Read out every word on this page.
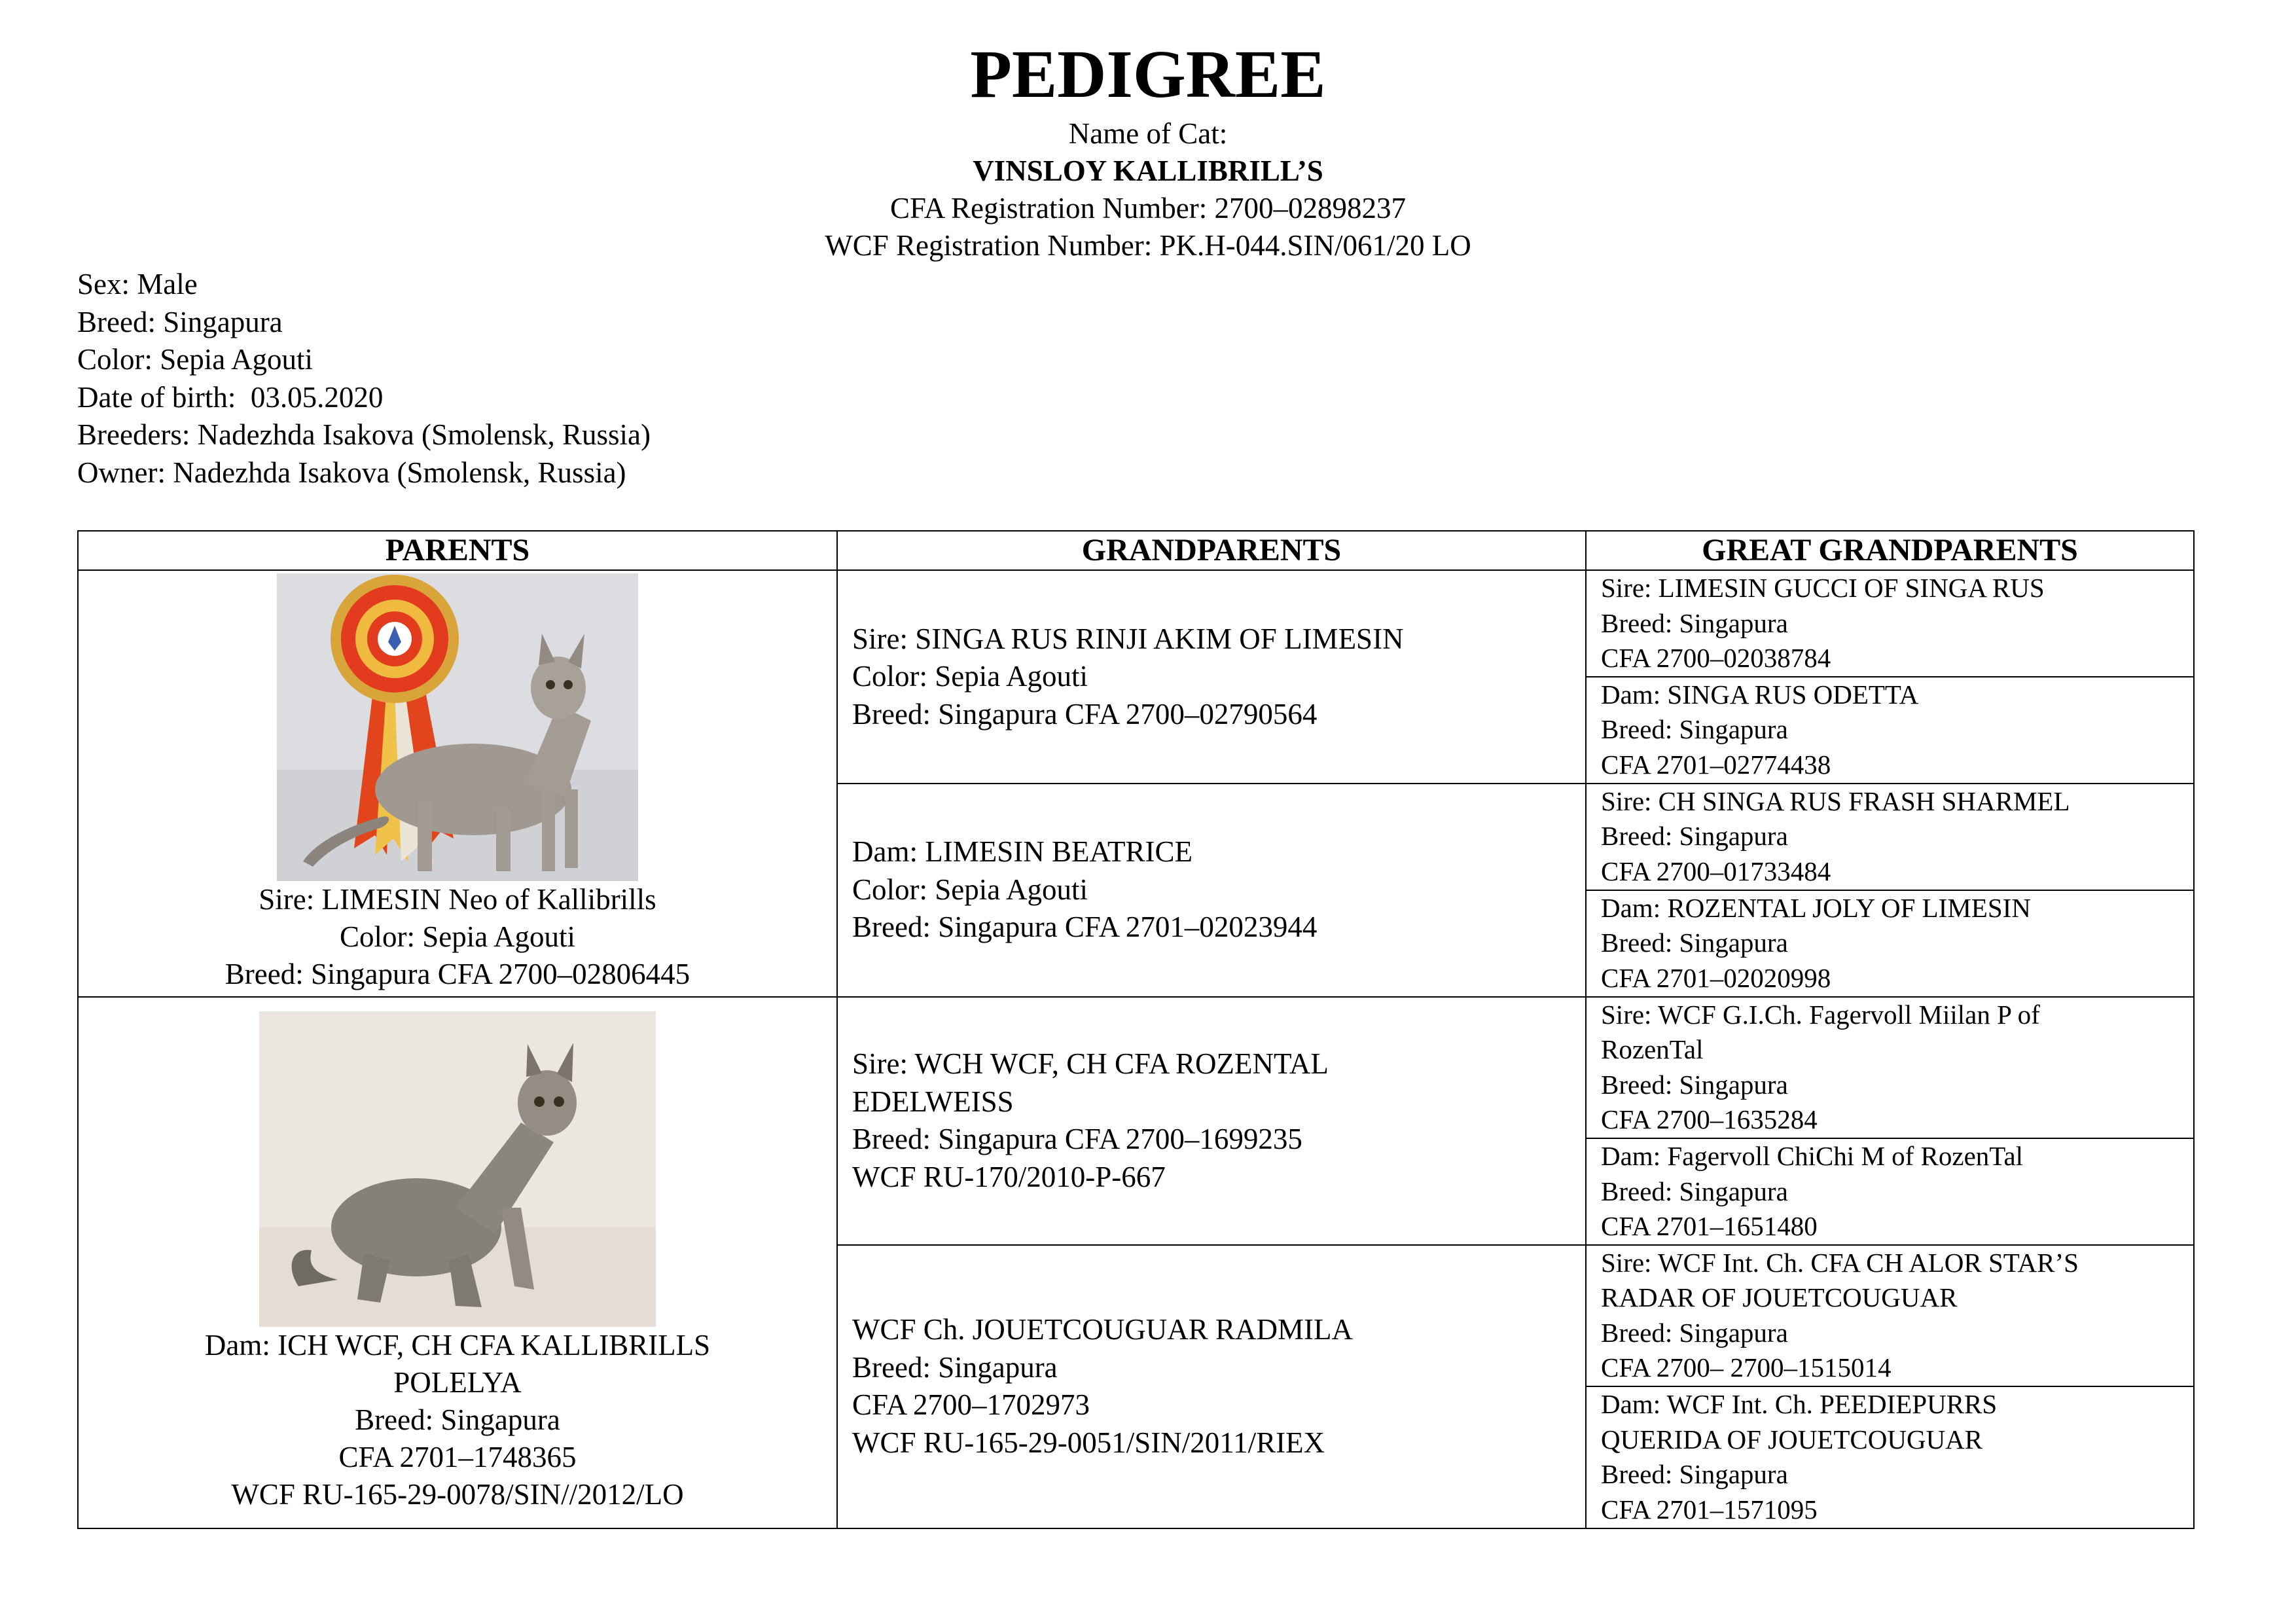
PEDIGREE
Name of Cat:
VINSLOY KALLIBRILL’S
CFA Registration Number: 2700–02898237
WCF Registration Number: PK.H-044.SIN/061/20 LO
Sex: Male
Breed: Singapura
Color: Sepia Agouti
Date of birth:  03.05.2020
Breeders: Nadezhda Isakova (Smolensk, Russia)
Owner: Nadezhda Isakova (Smolensk, Russia)
PARENTS	GRANDPARENTS	GREAT GRANDPARENTS

Sire: LIMESIN Neo of Kallibrills
Color: Sepia Agouti
Breed: Singapura CFA 2700–02806445	Sire: SINGA RUS RINJI AKIM OF LIMESIN
Color: Sepia Agouti
Breed: Singapura CFA 2700–02790564	Sire: LIMESIN GUCCI OF SINGA RUS
Breed: Singapura
CFA 2700–02038784

		Dam: SINGA RUS ODETTA
Breed: Singapura
CFA 2701–02774438

	Dam: LIMESIN BEATRICE
Color: Sepia Agouti
Breed: Singapura CFA 2701–02023944	Sire: CH SINGA RUS FRASH SHARMEL
Breed: Singapura
CFA 2700–01733484

		Dam: ROZENTAL JOLY OF LIMESIN
Breed: Singapura
CFA 2701–02020998

Dam: ICH WCF, CH CFA KALLIBRILLS
POLELYA
Breed: Singapura
CFA 2701–1748365
WCF RU-165-29-0078/SIN//2012/LO	Sire: WCH WCF, CH CFA ROZENTAL
EDELWEISS
Breed: Singapura CFA 2700–1699235
WCF RU-170/2010-P-667	Sire: WCF G.I.Ch. Fagervoll Miilan P of
RozenTal
Breed: Singapura
CFA 2700–1635284

		Dam: Fagervoll ChiChi M of RozenTal
Breed: Singapura
CFA 2701–1651480

	WCF Ch. JOUETCOUGUAR RADMILA
Breed: Singapura
CFA 2700–1702973
WCF RU-165-29-0051/SIN/2011/RIEX	Sire: WCF Int. Ch. CFA CH ALOR STAR’S
RADAR OF JOUETCOUGUAR
Breed: Singapura
CFA 2700– 2700–1515014

		Dam: WCF Int. Ch. PEEDIEPURRS
QUERIDA OF JOUETCOUGUAR
Breed: Singapura
CFA 2701–1571095
